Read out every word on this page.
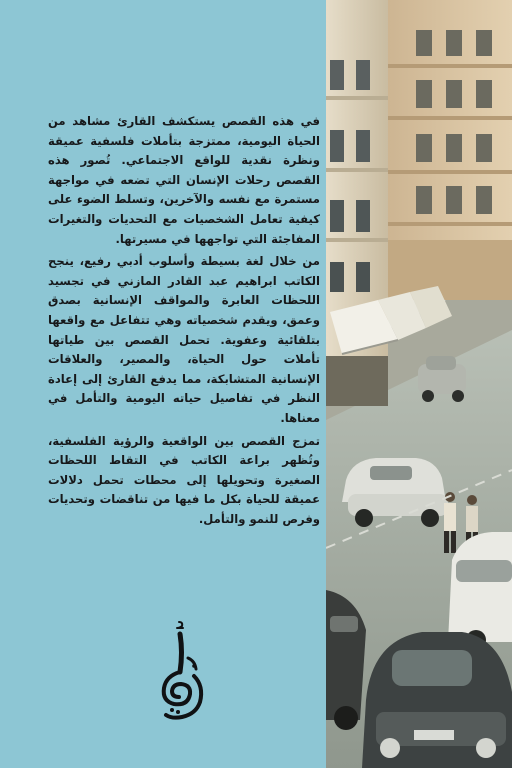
في هذه القصص يستكشف القارئ مشاهد من الحياة اليومية، ممتزجة بتأملات فلسفية عميقة ونظرة نقدية للواقع الاجتماعي. تُصور هذه القصص رحلات الإنسان التي تضعه في مواجهة مستمرة مع نفسه والآخرين، وتسلط الضوء على كيفية تعامل الشخصيات مع التحديات والتغيرات المفاجئة التي تواجهها في مسيرتها.

من خلال لغة بسيطة وأسلوب أدبي رفيع، ينجح الكاتب ابراهيم عبد القادر المازني في تجسيد اللحظات العابرة والمواقف الإنسانية بصدق وعمق، ويقدم شخصياته وهي تتفاعل مع واقعها بتلقائية وعفوية. تحمل القصص بين طياتها تأملات حول الحياة، والمصير، والعلاقات الإنسانية المتشابكة، مما يدفع القارئ إلى إعادة النظر في تفاصيل حياته اليومية والتأمل في معناها.

تمزج القصص بين الواقعية والرؤية الفلسفية، وتُظهر براعة الكاتب في التقاط اللحظات الصغيرة وتحويلها إلى محطات تحمل دلالات عميقة للحياة بكل ما فيها من تناقضات وتحديات وفرص للنمو والتأمل.
